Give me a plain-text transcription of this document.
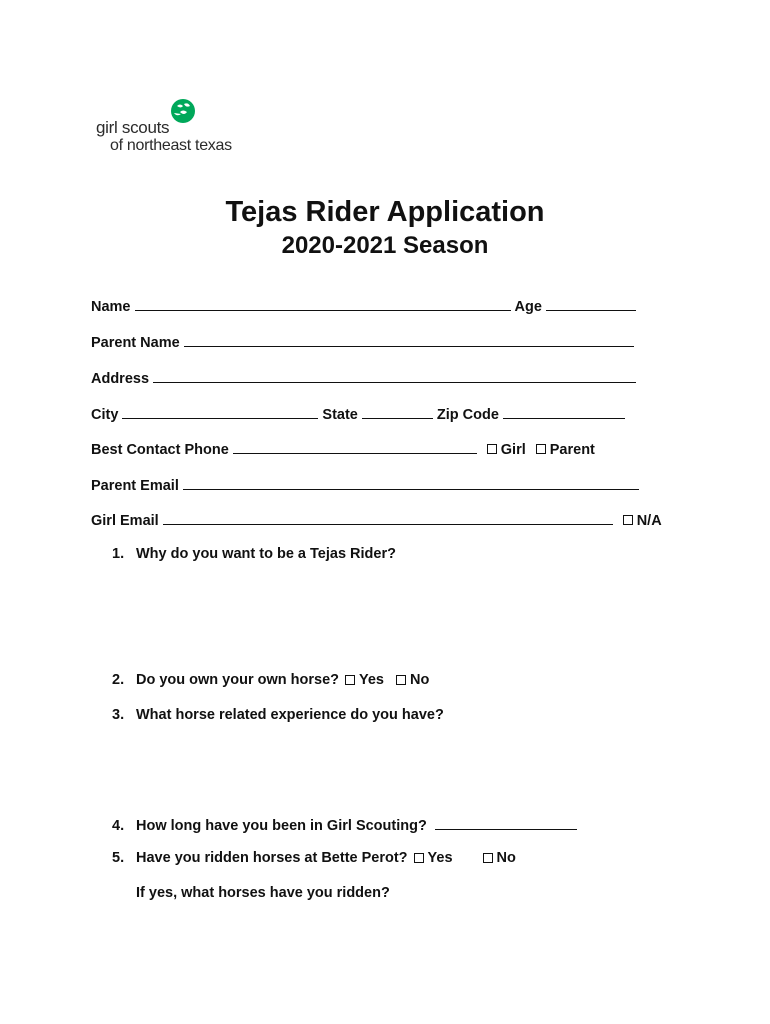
girl scouts
of northeast texas
Tejas Rider Application
2020-2021 Season
Name	Age
Parent Name
Address
City	State	Zip Code
Best Contact Phone	Girl Parent
Parent Email
Girl Email	N/A
1. Why do you want to be a Tejas Rider?
2. Do you own your own horse? Yes No
3. What horse related experience do you have?
4. How long have you been in Girl Scouting?
5. Have you ridden horses at Bette Perot? Yes	No
If yes, what horses have you ridden?
